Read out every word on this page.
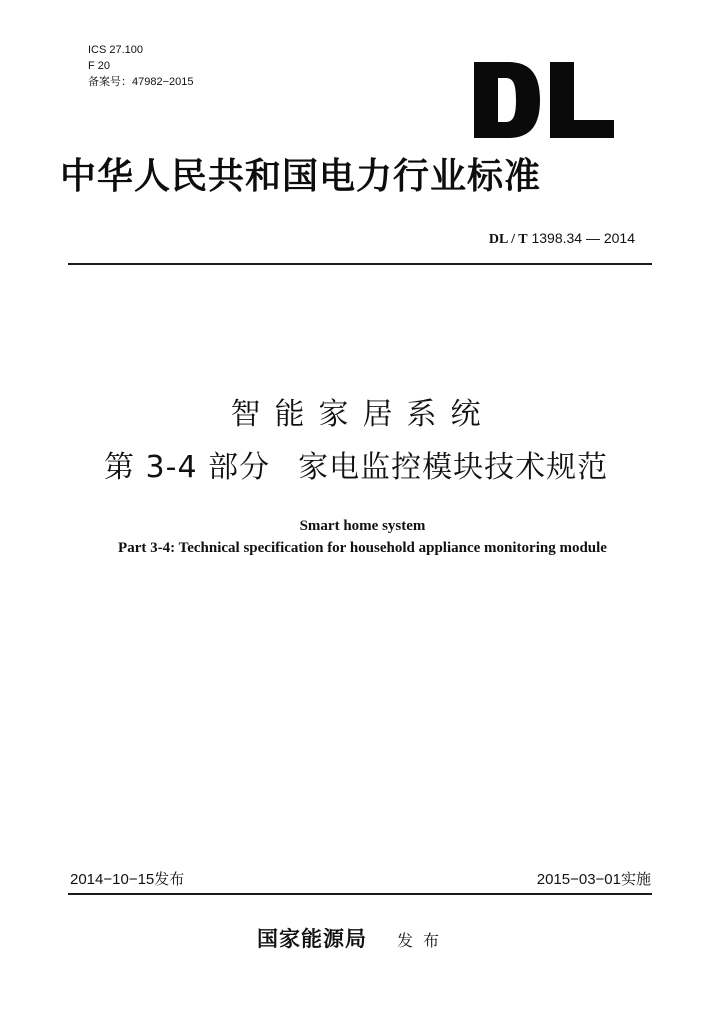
ICS 27.100
F 20
备案号：47982−2015
中华人民共和国电力行业标准
DL / T 1398.34 — 2014
智能家居系统
第 3-4 部分 家电监控模块技术规范
Smart home system
Part 3-4: Technical specification for household appliance monitoring module
2014−10−15发布	2015−03−01实施
国家能源局 发布
